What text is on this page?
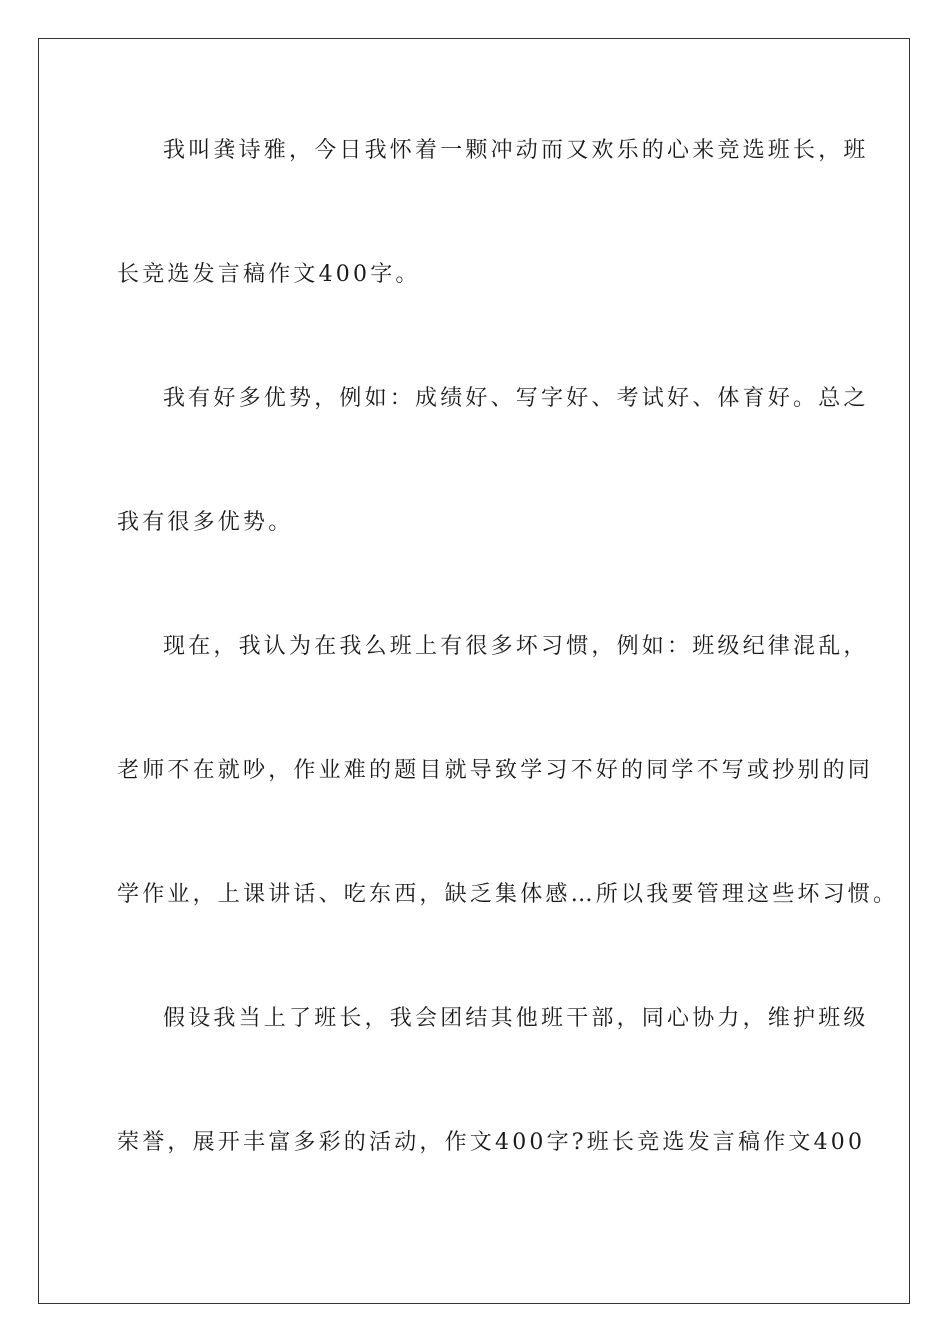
我叫龚诗雅，今日我怀着一颗冲动而又欢乐的心来竞选班长，班
长竞选发言稿作文400字。
我有好多优势，例如：成绩好、写字好、考试好、体育好。总之
我有很多优势。
现在，我认为在我么班上有很多坏习惯，例如：班级纪律混乱，
老师不在就吵，作业难的题目就导致学习不好的同学不写或抄别的同
学作业，上课讲话、吃东西，缺乏集体感…所以我要管理这些坏习惯。
假设我当上了班长，我会团结其他班干部，同心协力，维护班级
荣誉，展开丰富多彩的活动，作文400字?班长竞选发言稿作文400
